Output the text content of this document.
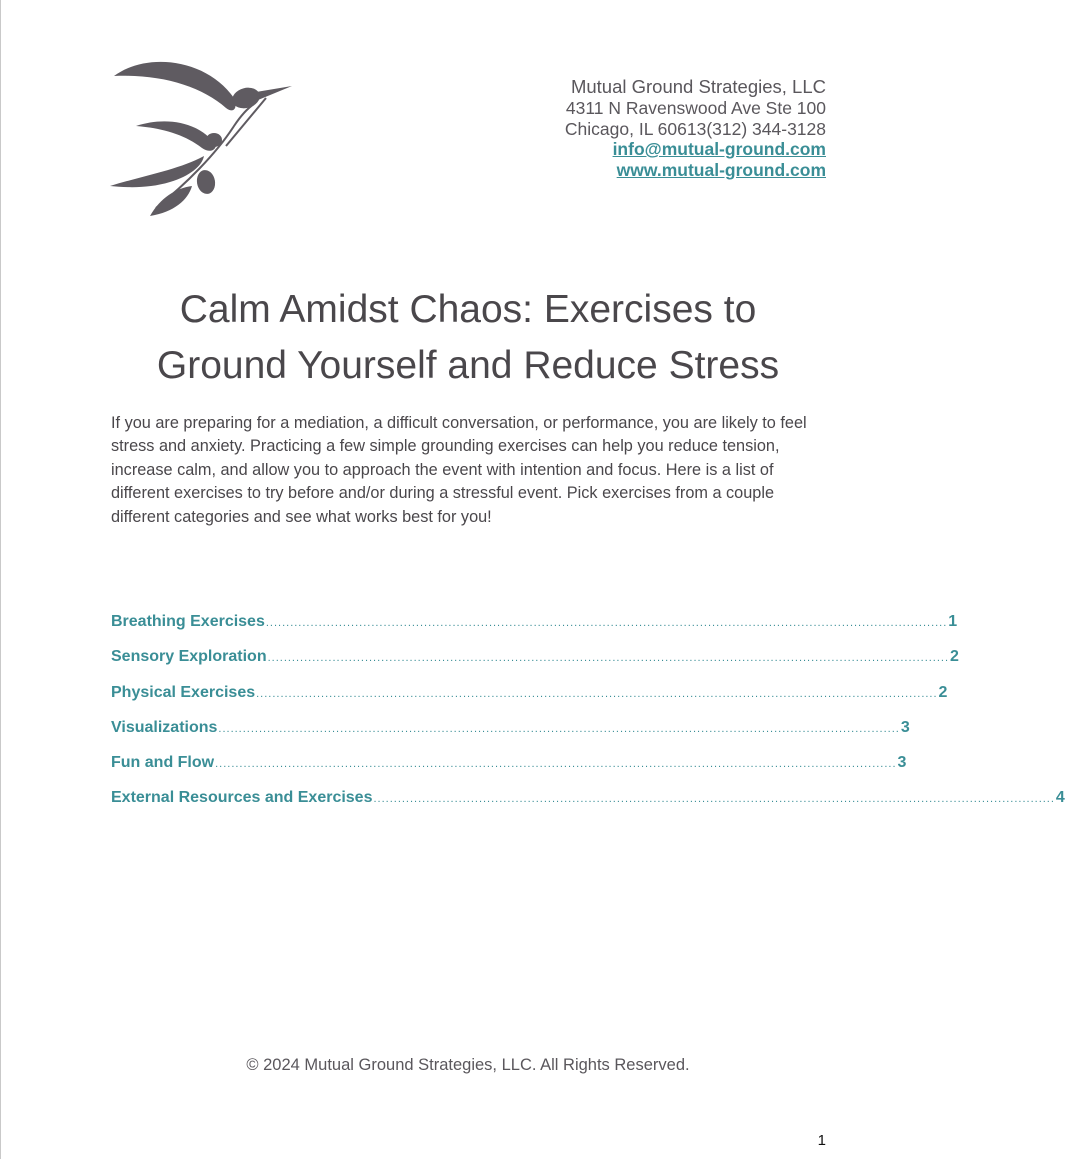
Mutual Ground Strategies, LLC
4311 N Ravenswood Ave Ste 100
Chicago, IL 60613(312) 344-3128
info@mutual-ground.com
www.mutual-ground.com
Calm Amidst Chaos: Exercises to
Ground Yourself and Reduce Stress
If you are preparing for a mediation, a difficult conversation, or performance, you are likely to feel stress and anxiety. Practicing a few simple grounding exercises can help you reduce tension, increase calm, and allow you to approach the event with intention and focus. Here is a list of different exercises to try before and/or during a stressful event. Pick exercises from a couple different categories and see what works best for you!
Breathing Exercises ........................................................................................................................................................................ 1
Sensory Exploration ........................................................................................................................................................................ 2
Physical Exercises ........................................................................................................................................................................ 2
Visualizations ........................................................................................................................................................................ 3
Fun and Flow ........................................................................................................................................................................ 3
External Resources and Exercises ........................................................................................................................................................................ 4
© 2024 Mutual Ground Strategies, LLC. All Rights Reserved.
1
